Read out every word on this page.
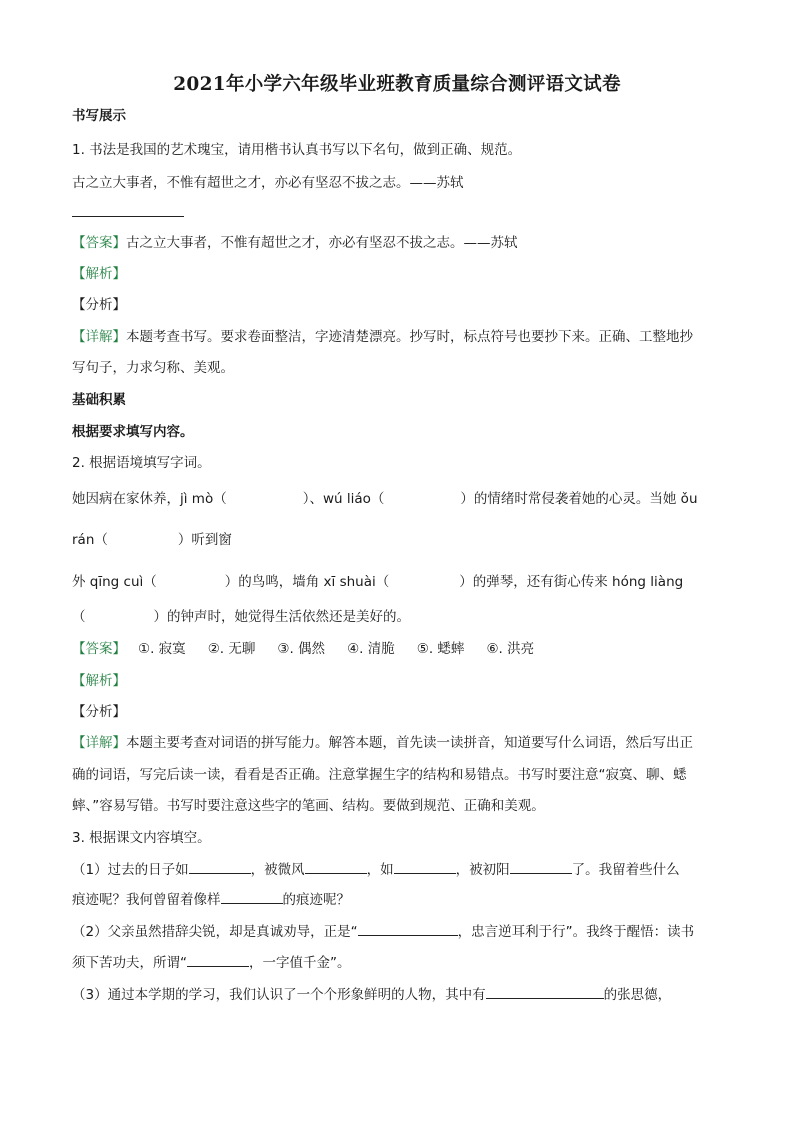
2021年小学六年级毕业班教育质量综合测评语文试卷
书写展示
1. 书法是我国的艺术瑰宝，请用楷书认真书写以下名句，做到正确、规范。
古之立大事者，不惟有超世之才，亦必有坚忍不拔之志。——苏轼
【答案】古之立大事者，不惟有超世之才，亦必有坚忍不拔之志。——苏轼
【解析】
【分析】
【详解】本题考查书写。要求卷面整洁，字迹清楚漂亮。抄写时，标点符号也要抄下来。正确、工整地抄
写句子，力求匀称、美观。
基础积累
根据要求填写内容。
2. 根据语境填写字词。
她因病在家休养，jì mò（	）、wú liáo（	）的情绪时常侵袭着她的心灵。当她 ǒu
rán（	）听到窗
外 qīng cuì（	）的鸟鸣，墙角 xī shuài（	）的弹琴，还有街心传来 hóng liàng
（	）的钟声时，她觉得生活依然还是美好的。
【答案】 ①. 寂寞 ②. 无聊 ③. 偶然 ④. 清脆 ⑤. 蟋蟀 ⑥. 洪亮
【解析】
【分析】
【详解】本题主要考查对词语的拼写能力。解答本题，首先读一读拼音，知道要写什么词语，然后写出正
确的词语，写完后读一读，看看是否正确。注意掌握生字的结构和易错点。书写时要注意“寂寞、聊、蟋
蟀、”容易写错。书写时要注意这些字的笔画、结构。要做到规范、正确和美观。
3. 根据课文内容填空。
（1）过去的日子如	，被微风	，如	，被初阳	了。我留着些什么
痕迹呢？我何曾留着像样	的痕迹呢？
（2）父亲虽然措辞尖锐，却是真诚劝导，正是“	，忠言逆耳利于行”。我终于醒悟：读书
须下苦功夫，所谓“	，一字值千金”。
（3）通过本学期的学习，我们认识了一个个形象鲜明的人物，其中有	的张思德，
